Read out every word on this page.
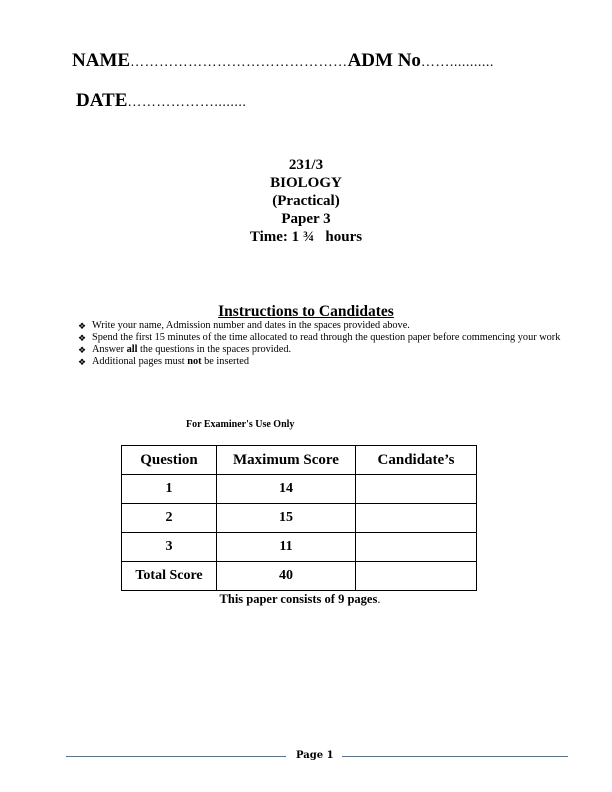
NAME………………………………………ADM No……...........
DATE………………........
231/3
BIOLOGY
(Practical)
Paper 3
Time: 1 ¾   hours
Instructions to Candidates
❖ Write your name, Admission number and dates in the spaces provided above.
❖ Spend the first 15 minutes of the time allocated to read through the question paper before commencing your work
❖ Answer all the questions in the spaces provided.
❖ Additional pages must not be inserted
For Examiner's Use Only
Question	Maximum Score	Candidate’s
1	14	
2	15	
3	11	
Total Score	40	
This paper consists of 9 pages.
Page 1
